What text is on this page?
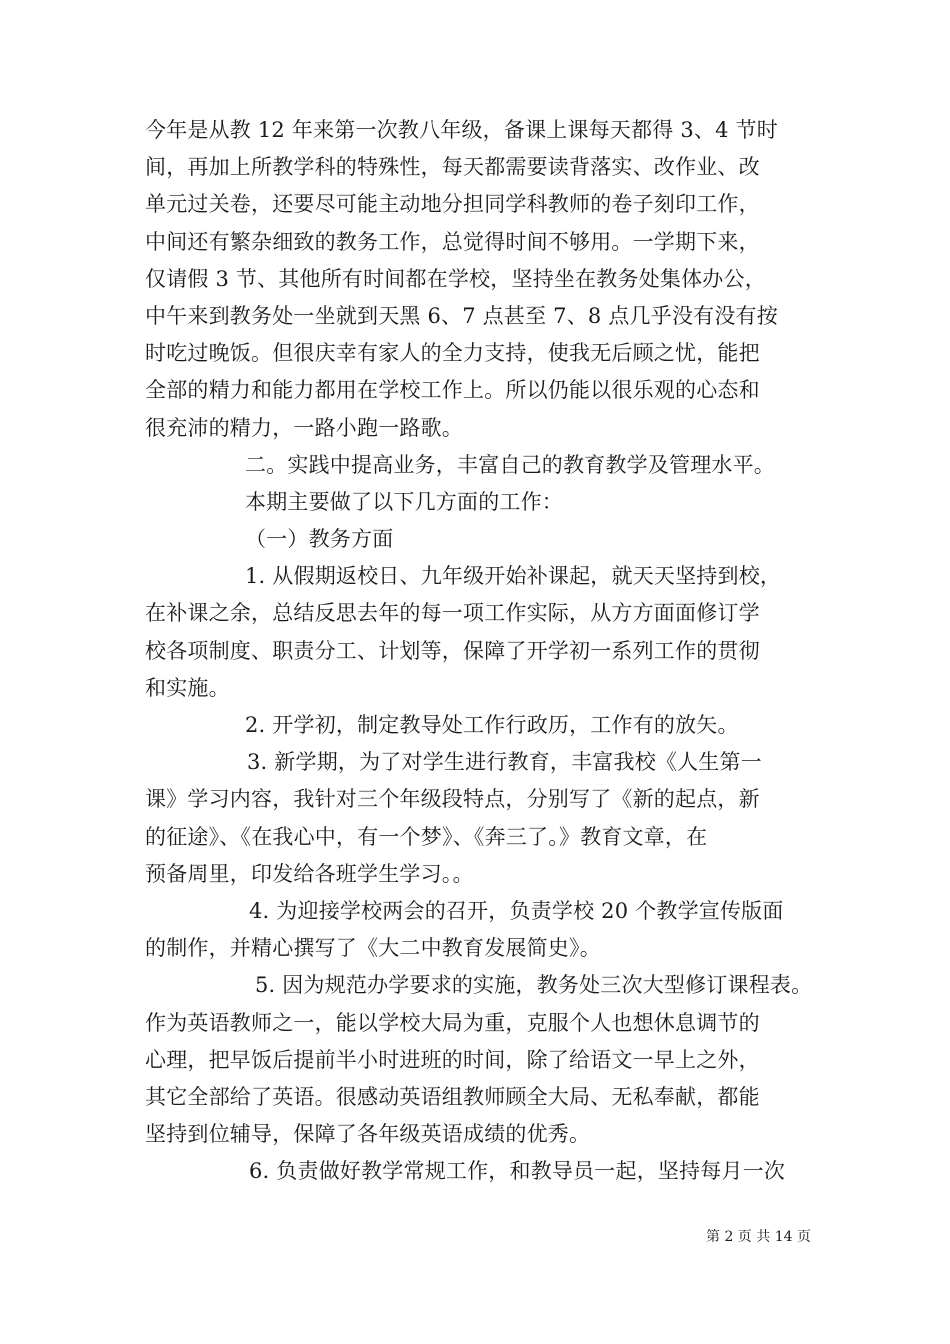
今年是从教 12 年来第一次教八年级，备课上课每天都得 3、4 节时
间，再加上所教学科的特殊性，每天都需要读背落实、改作业、改
单元过关卷，还要尽可能主动地分担同学科教师的卷子刻印工作，
中间还有繁杂细致的教务工作，总觉得时间不够用。一学期下来，
仅请假 3 节、其他所有时间都在学校，坚持坐在教务处集体办公，
中午来到教务处一坐就到天黑 6、7 点甚至 7、8 点几乎没有没有按
时吃过晚饭。但很庆幸有家人的全力支持，使我无后顾之忧，能把
全部的精力和能力都用在学校工作上。所以仍能以很乐观的心态和
很充沛的精力，一路小跑一路歌。
二。实践中提高业务，丰富自己的教育教学及管理水平。
本期主要做了以下几方面的工作：
（一）教务方面
1. 从假期返校日、九年级开始补课起，就天天坚持到校，
在补课之余，总结反思去年的每一项工作实际，从方方面面修订学
校各项制度、职责分工、计划等，保障了开学初一系列工作的贯彻
和实施。
2. 开学初，制定教导处工作行政历，工作有的放矢。
3. 新学期，为了对学生进行教育，丰富我校《人生第一
课》学习内容，我针对三个年级段特点，分别写了《新的起点，新
的征途》、《在我心中，有一个梦》、《奔三了。》教育文章，在
预备周里，印发给各班学生学习。。
4. 为迎接学校两会的召开，负责学校 20 个教学宣传版面
的制作，并精心撰写了《大二中教育发展简史》。
5. 因为规范办学要求的实施，教务处三次大型修订课程表。
作为英语教师之一，能以学校大局为重，克服个人也想休息调节的
心理，把早饭后提前半小时进班的时间，除了给语文一早上之外，
其它全部给了英语。很感动英语组教师顾全大局、无私奉献，都能
坚持到位辅导，保障了各年级英语成绩的优秀。
6. 负责做好教学常规工作，和教导员一起，坚持每月一次
第 2 页 共 14 页
